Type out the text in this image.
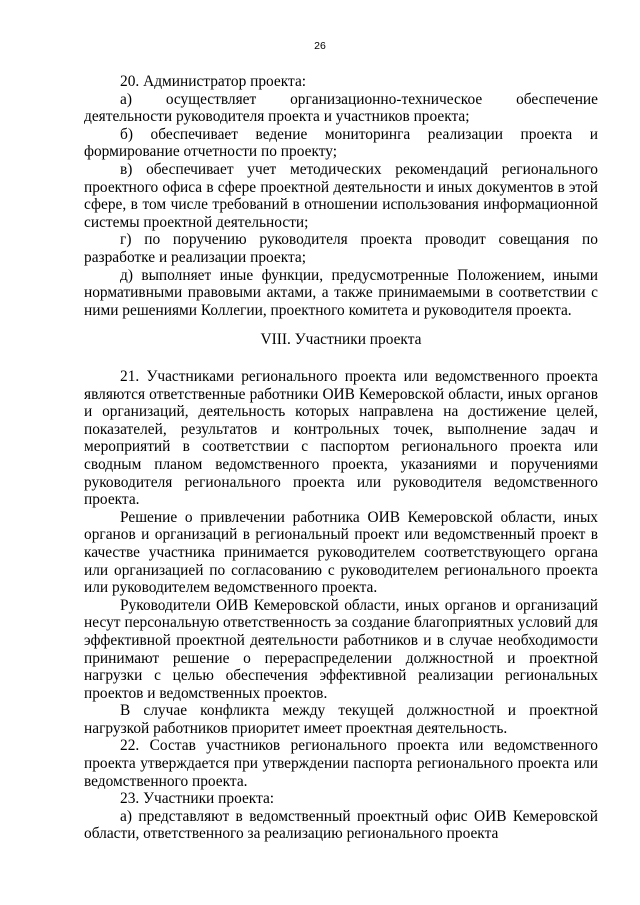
26

20. Администратор проекта:

а) осуществляет организационно-техническое обеспечение деятельности руководителя проекта и участников проекта;

б) обеспечивает ведение мониторинга реализации проекта и формирование отчетности по проекту;

в) обеспечивает учет методических рекомендаций регионального проектного офиса в сфере проектной деятельности и иных документов в этой сфере, в том числе требований в отношении использования информационной системы проектной деятельности;

г) по поручению руководителя проекта проводит совещания по разработке и реализации проекта;

д) выполняет иные функции, предусмотренные Положением, иными нормативными правовыми актами, а также принимаемыми в соответствии с ними решениями Коллегии, проектного комитета и руководителя проекта.

VIII. Участники проекта

21. Участниками регионального проекта или ведомственного проекта являются ответственные работники ОИВ Кемеровской области, иных органов и организаций, деятельность которых направлена на достижение целей, показателей, результатов и контрольных точек, выполнение задач и мероприятий в соответствии с паспортом регионального проекта или сводным планом ведомственного проекта, указаниями и поручениями руководителя регионального проекта или руководителя ведомственного проекта.

Решение о привлечении работника ОИВ Кемеровской области, иных органов и организаций в региональный проект или ведомственный проект в качестве участника принимается руководителем соответствующего органа или организацией по согласованию с руководителем регионального проекта или руководителем ведомственного проекта.

Руководители ОИВ Кемеровской области, иных органов и организаций несут персональную ответственность за создание благоприятных условий для эффективной проектной деятельности работников и в случае необходимости принимают решение о перераспределении должностной и проектной нагрузки с целью обеспечения эффективной реализации региональных проектов и ведомственных проектов.

В случае конфликта между текущей должностной и проектной нагрузкой работников приоритет имеет проектная деятельность.

22. Состав участников регионального проекта или ведомственного проекта утверждается при утверждении паспорта регионального проекта или ведомственного проекта.

23. Участники проекта:

а) представляют в ведомственный проектный офис ОИВ Кемеровской области, ответственного за реализацию регионального проекта
